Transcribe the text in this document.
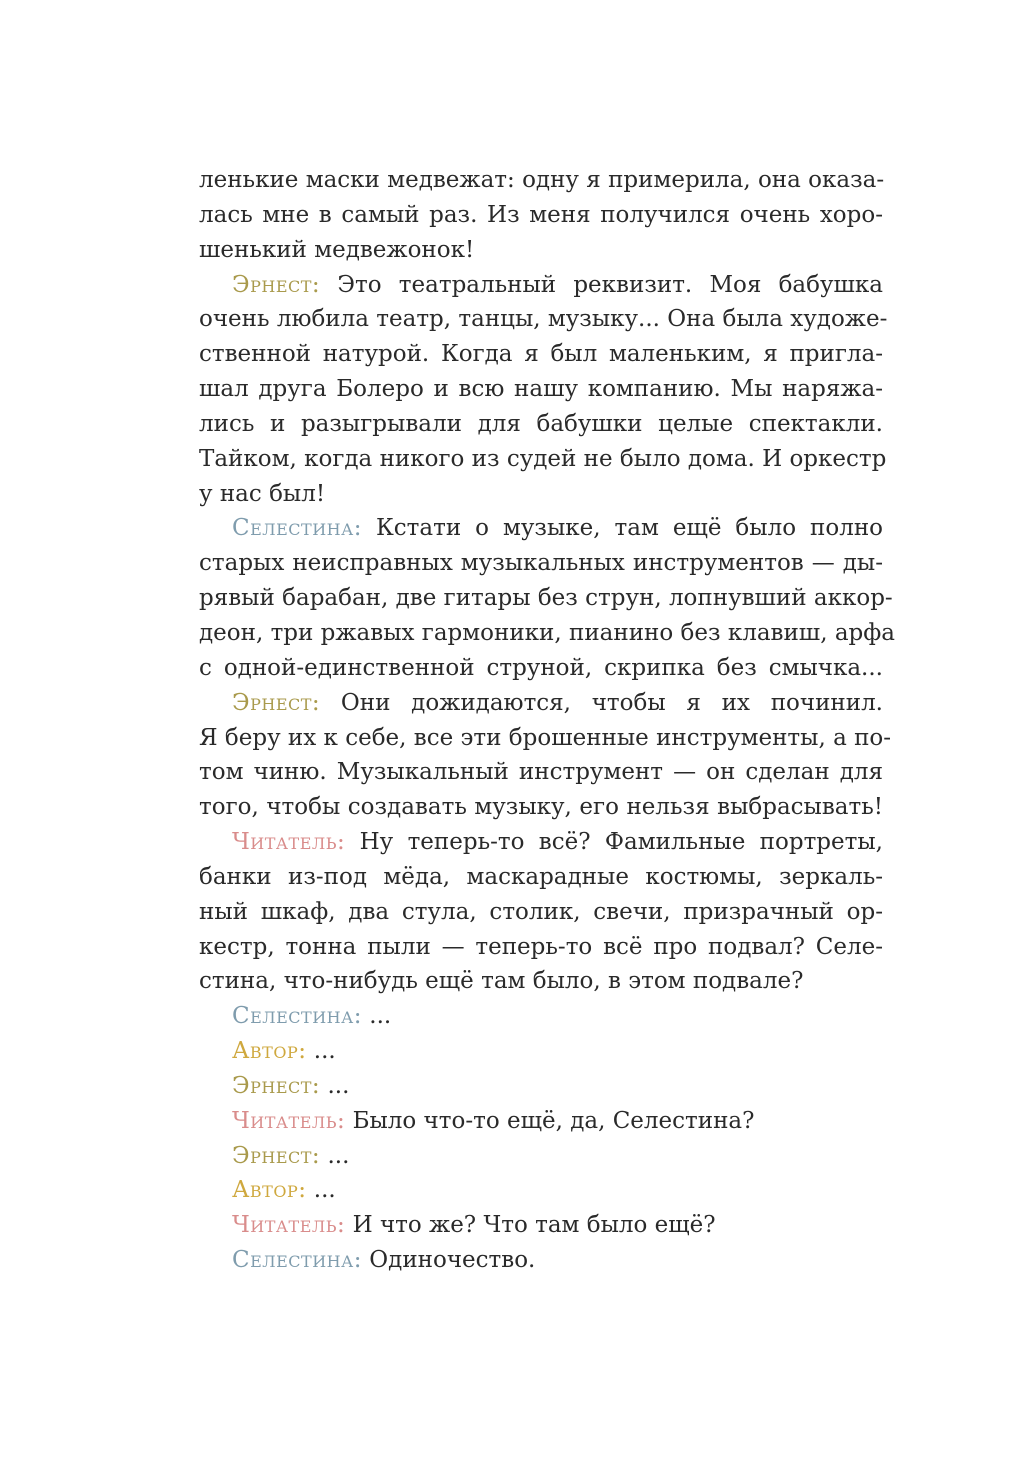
ленькие маски медвежат: одну я примерила, она оказа-
лась мне в самый раз. Из меня получился очень хоро-
шенький медвежонок!
Эрнест: Это театральный реквизит. Моя бабушка
очень любила театр, танцы, музыку... Она была художе-
ственной натурой. Когда я был маленьким, я пригла-
шал друга Болеро и всю нашу компанию. Мы наряжа-
лись и разыгрывали для бабушки целые спектакли.
Тайком, когда никого из судей не было дома. И оркестр
у нас был!
Селестина: Кстати о музыке, там ещё было полно
старых неисправных музыкальных инструментов — ды-
рявый барабан, две гитары без струн, лопнувший аккор-
деон, три ржавых гармоники, пианино без клавиш, арфа
с одной-единственной струной, скрипка без смычка...
Эрнест: Они дожидаются, чтобы я их починил.
Я беру их к себе, все эти брошенные инструменты, а по-
том чиню. Музыкальный инструмент — он сделан для
того, чтобы создавать музыку, его нельзя выбрасывать!
Читатель: Ну теперь-то всё? Фамильные портреты,
банки из-под мёда, маскарадные костюмы, зеркаль-
ный шкаф, два стула, столик, свечи, призрачный ор-
кестр, тонна пыли — теперь-то всё про подвал? Селе-
стина, что-нибудь ещё там было, в этом подвале?
Селестина: ...
Автор: ...
Эрнест: ...
Читатель: Было что-то ещё, да, Селестина?
Эрнест: ...
Автор: ...
Читатель: И что же? Что там было ещё?
Селестина: Одиночество.
